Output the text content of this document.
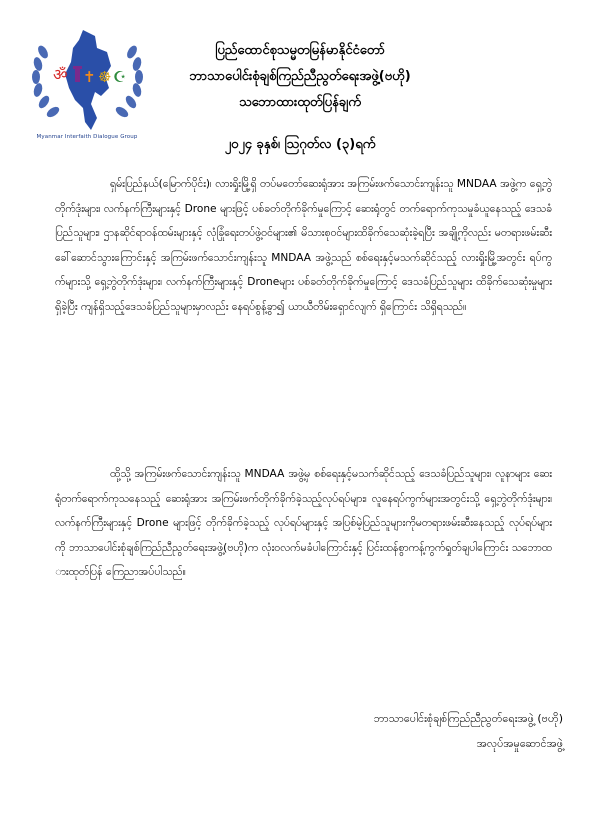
ॐ ✝ ☸ ☪
Myanmar Interfaith Dialogue Group
ပြည်ထောင်စုသမ္မတမြန်မာနိုင်ငံတော်
ဘာသာပေါင်းစုံချစ်ကြည်ညီညွတ်ရေးအဖွဲ့(ဗဟို)
သဘောထားထုတ်ပြန်ချက်
၂၀၂၄ ခုနှစ်၊ ဩဂုတ်လ (၃)ရက်
ရှမ်းပြည်နယ်(မြောက်ပိုင်း)၊ လားရှိုးမြို့ရှိ တပ်မတော်ဆေးရုံအား အကြမ်းဖက်သောင်းကျန်းသူ MNDAA အဖွဲ့က ရှေ့ဘွဲတိုက်ဒုံးများ၊ လက်နက်ကြီးများနှင့် Drone များဖြင့် ပစ်ခတ်တိုက်ခိုက်မှုကြောင့် ဆေးရုံတွင် တက်ရောက်ကုသမှုခံယူနေသည့် ဒေသခံပြည်သူများ၊ ဌာနဆိုင်ရာဝန်ထမ်းများနှင့် လုံခြုံရေးတပ်ဖွဲ့ဝင်များ၏ မိသားစုဝင်များထိခိုက်သေဆုံးခဲ့ရပြီး အချို့ကိုလည်း မတရားဖမ်းဆီးခေါ်ဆောင်သွားကြောင်းနှင့် အကြမ်းဖက်သောင်းကျန်းသူ MNDAA အဖွဲ့သည် စစ်ရေးနှင့်မသက်ဆိုင်သည့် လားရှိုးမြို့အတွင်း ရပ်ကွက်များသို့ ရှေ့ဘွဲတိုက်ဒုံးများ၊ လက်နက်ကြီးများနှင့် Droneများ ပစ်ခတ်တိုက်ခိုက်မှုကြောင့် ဒေသခံပြည်သူများ ထိခိုက်သေဆုံးမှုများရှိခဲ့ပြီး ကျန်ရှိသည့်ဒေသခံပြည်သူများမှာလည်း နေရပ်စွန့်ခွာ၍ ယာယီတိမ်းရှောင်လျက် ရှိကြောင်း သိရှိရသည်။
ထို့သို့ အကြမ်းဖက်သောင်းကျန်းသူ MNDAA အဖွဲ့မှ စစ်ရေးနှင့်မသက်ဆိုင်သည့် ဒေသခံပြည်သူများ၊ လူနာများ ဆေးရုံတက်ရောက်ကုသနေသည့် ဆေးရုံအား အကြမ်းဖက်တိုက်ခိုက်ခဲ့သည့်လုပ်ရပ်များ၊ လူနေရပ်ကွက်များအတွင်းသို့ ရှေ့ဘွဲတိုက်ဒုံးများ၊ လက်နက်ကြီးများနှင့် Drone များဖြင့် တိုက်ခိုက်ခဲ့သည့် လုပ်ရပ်များနှင့် အပြစ်မဲ့ပြည်သူများကိုမတရားဖမ်းဆီးနေသည့် လုပ်ရပ်များကို ဘာသာပေါင်းစုံချစ်ကြည်ညီညွတ်ရေးအဖွဲ့(ဗဟို)က လုံးဝလက်မခံပါကြောင်းနှင့် ပြင်းထန်စွာကန့်ကွက်ရှုတ်ချပါကြောင်း သဘောထားထုတ်ပြန် ကြေညာအပ်ပါသည်။
ဘာသာပေါင်းစုံချစ်ကြည်ညီညွတ်ရေးအဖွဲ့ (ဗဟို)
အလုပ်အမှုဆောင်အဖွဲ့
